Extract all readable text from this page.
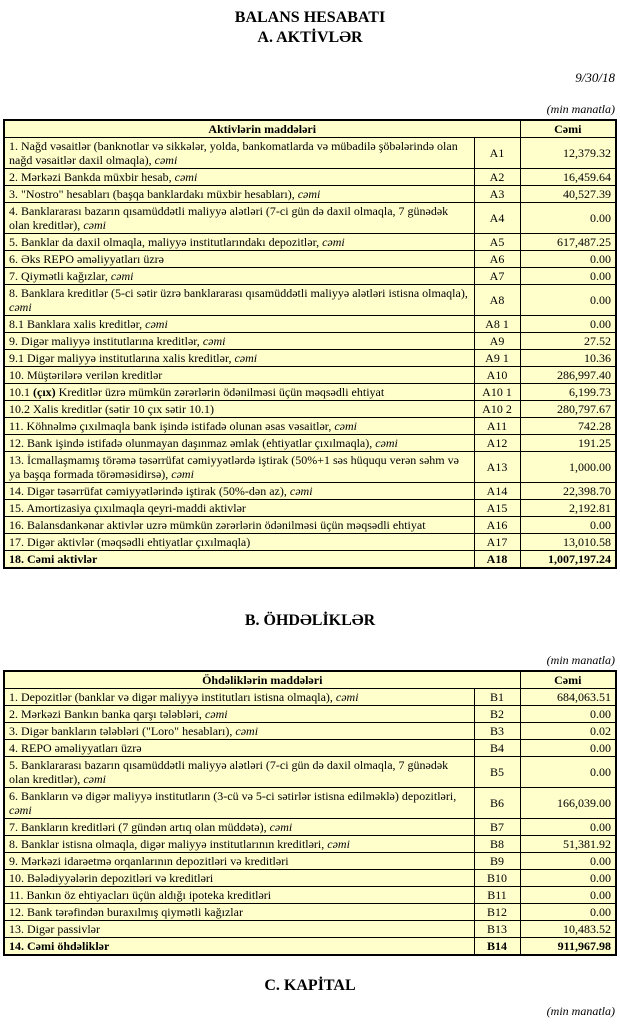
BALANS HESABATI
A. AKTİVLƏR
9/30/18
(min manatla)
Aktivlərin maddələri		Cəmi
1. Nağd vəsaitlər (banknotlar və sikkələr, yolda, bankomatlarda və mübadilə şöbələrində olan nağd vəsaitlər daxil olmaqla), cəmi	A1	12,379.32
2. Mərkəzi Bankda müxbir hesab, cəmi	A2	16,459.64
3. "Nostro" hesabları (başqa banklardakı müxbir hesabları), cəmi	A3	40,527.39
4. Banklararası bazarın qısamüddətli maliyyə alətləri (7-ci gün də daxil olmaqla, 7 günədək olan kreditlər), cəmi	A4	0.00
5. Banklar da daxil olmaqla, maliyyə institutlarındakı depozitlər, cəmi	A5	617,487.25
6. Əks REPO əməliyyatları üzrə	A6	0.00
7. Qiymətli kağızlar, cəmi	A7	0.00
8. Banklara kreditlər (5-ci sətir üzrə banklararası qısamüddətli maliyyə alətləri istisna olmaqla), cəmi	A8	0.00
8.1 Banklara xalis kreditlər, cəmi	A8 1	0.00
9. Digər maliyyə institutlarına kreditlər, cəmi	A9	27.52
9.1 Digər maliyyə institutlarına xalis kreditlər, cəmi	A9 1	10.36
10. Müştərilərə verilən kreditlər	A10	286,997.40
10.1 (çıx) Kreditlər üzrə mümkün zərərlərin ödənilməsi üçün məqsədli ehtiyat	A10 1	6,199.73
10.2 Xalis kreditlər (sətir 10 çıx sətir 10.1)	A10 2	280,797.67
11. Köhnəlmə çıxılmaqla bank işində istifadə olunan əsas vəsaitlər, cəmi	A11	742.28
12. Bank işində istifadə olunmayan daşınmaz əmlak (ehtiyatlar çıxılmaqla), cəmi	A12	191.25
13. İcmallaşmamış törəmə təsərrüfat cəmiyyətlərdə iştirak (50%+1 səs hüququ verən səhm və ya başqa formada törəməsidirsə), cəmi	A13	1,000.00
14. Digər təsərrüfat cəmiyyətlərində iştirak (50%-dən az), cəmi	A14	22,398.70
15. Amortizasiya çıxılmaqla qeyri-maddi aktivlər	A15	2,192.81
16. Balansdankənar aktivlər uzrə mümkün zərərlərin ödənilməsi üçün məqsədli ehtiyat	A16	0.00
17. Digər aktivlər (məqsədli ehtiyatlar çıxılmaqla)	A17	13,010.58
18. Cəmi aktivlər	A18	1,007,197.24
B. ÖHDƏLİKLƏR
(min manatla)
Öhdəliklərin maddələri		Cəmi
1. Depozitlər (banklar və digər maliyyə institutları istisna olmaqla), cəmi	B1	684,063.51
2. Mərkəzi Bankın banka qarşı tələbləri, cəmi	B2	0.00
3. Digər bankların tələbləri ("Loro" hesabları), cəmi	B3	0.02
4. REPO əməliyyatları üzrə	B4	0.00
5. Banklararası bazarın qısamüddətli maliyyə alətləri (7-ci gün də daxil olmaqla, 7 günədək olan kreditlər), cəmi	B5	0.00
6. Bankların və digər maliyyə institutların (3-cü və 5-ci sətirlər istisna edilməklə) depozitləri, cəmi	B6	166,039.00
7. Bankların kreditləri (7 gündən artıq olan müddətə), cəmi	B7	0.00
8. Banklar istisna olmaqla, digər maliyyə institutlarının kreditləri, cəmi	B8	51,381.92
9. Mərkəzi idarəetmə orqanlarının depozitləri və kreditləri	B9	0.00
10. Bələdiyyələrin depozitləri və kreditləri	B10	0.00
11. Bankın öz ehtiyacları üçün aldığı ipoteka kreditləri	B11	0.00
12. Bank tərəfindən buraxılmış qiymətli kağızlar	B12	0.00
13. Digər passivlər	B13	10,483.52
14. Cəmi öhdəliklər	B14	911,967.98
C. KAPİTAL
(min manatla)
